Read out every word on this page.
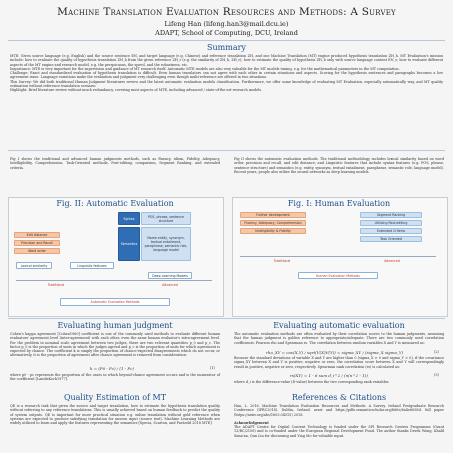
Machine Translation Evaluation Resources and Methods: A Survey
Lifeng Han (lifeng.han3@mail.dcu.ie)
ADAPT, School of Computing, DCU, Ireland
Summary
MTE: Given source language (e.g. English) and the source sentence EN, and target language (e.g. Chinese) and reference translation ZH, and one Machine Translation (MT) engine produced hypothesis translation ZH_h. MT Evaluation's mission include: how to evaluate the quality of hypothesis translation ZH_h from the given reference ZH_r (e.g. the similarity of ZH_h, ZH_r); how to estimate the quality of hypothesis ZH_h only with source language content EN_s; how to evaluate different aspects of the MT engine and research model, e.g. the perspicuous, the speed, and the robustness, etc.
Importance: MTE is very important for the supervision and guidance of MT research itself. Automatic MTE models are also very valuable for the MT models tuning, e.g. for the mathematical parameters in the MT computation.
Challenge: Exact and standardized evaluation of hypothesis translation is difficult. Even human translators can not agree with each other in certain situations and aspects. Scoring for the hypothesis sentences and paragraphs becomes a low agreement issue. Language variations make the evaluation and judgment very challenging even though multi-reference are offered in two situations.
This Survey: We did both traditional Human Judgment literatures review and the latest automatic evaluation models classification. Furthermore, we offer some knowledge of evaluating MT Evaluation, especially automatically way, and MT quality estimation without reference translation scenario.
Highlight: Brief literature review without much redundancy, covering most aspects of MTE, including advanced / state-of-the-art research models.
Fig I shows the traditional and advanced human judgments methods, such as fluency, idiom, Fidelity, Adequacy, Intelligibility, Comprehension, Task-Oriented methods, Post-editing, comparison, Segment Ranking, and extended criteria.
Fig II shows the automatic evaluation methods. The traditional methodology includes lexical similarity based on word order, precision and recall, and edit distance; and Linguistic features that include syntax features (e.g. POS, phrase, sentence structure) and semantics (e.g. entity, synonym, textual entailment, paraphrase, semantic role, language model). Recent years, people also utilize the neural networks as deep learning models.
Fig. II: Automatic Evaluation
Syntax	POS, phrase, sentence structure
Semantics
Name entity, synonym, textual entailment, paraphrase, semantic role, language model
Edit distance
Precision and Recall
Word order
Lexical similarity	Linguistic features
Deep Learning Models
Traditional	Advanced
Automatic Evaluation Methods
Fig. I: Human Evaluation
Further development
Fluency, Adequacy, Comprehension
Intelligibility & Fidelity
Segment Ranking
Utilizing Post-editing
Extended Criteria
Task Oriented
Traditional	Advanced
Human Evaluation Methods
Evaluating human judgment
Cohen's kappa agreement [Cohen1960] coefficient is one of the commonly used methods to evaluate different human evaluators' agreement level (inter-agreement) with each other, even the same human evaluator's intra-agreement level. For the problem in nominal scale agreement between two judges, there are two relevant quantities p_0 and p_c. The factor p_0 is the proportion of units in which the judges agreed and p_c is the proportion of units for which agreement is expected by chance. The coefficient k is simply the proportion of chance-expected disagreements which do not occur, or alternatively, it is the proportion of agreement after chance agreement is removed from consideration:
k = (P0 - Pc) / (1 - Pc)	(1)
where p0 - pc represents the proportion of the cases in which beyond-chance agreement occurs and is the numerator of the coefficient [LandisKoch1977].
Quality Estimation of MT
QE is a research task that given the source and target translation, how to estimate the hypothesis translation quality without referring to any reference translations. This is usually achieved based on human feedback to predict the quality of system outputs. QE is important for more practical situation e.g. online translation without gold reference when systems are expected to produce satisfying translation for unseen input (source text). Machine Learning Methods are widely utilized to learn and apply the features representing the semantics [Specia, Scarton, and Paetzold 2018 MTE].
Evaluating automatic evaluation
The automatic evaluation methods are often evaluated by their correlation scores to the human judgments, assuming that the human judgment is golden reference to appropriate/adequate. There are two commonly used correlation coefficients: Pearson rho and Spearman rs. The correlation between random variables X and Y is measured as:
rho_XY = cov(X,Y) / sqrt(V(X)V(Y)) = sigma_XY / (sigma_X sigma_Y)	(2)
Because the standard deviations of variable X and Y are higher than 0 (sigma_X > 0 and sigma_Y > 0), if the covariance sigma_XY between X and Y is positive, negative or zero, the correlation score between X and Y will correspondingly result in positive, negative or zero, respectively. Spearman rank correlation (rs) is calculated as:
rs(XY) = 1 - 6 sum d_i^2 / (n(n^2 - 1))	(3)
where d_i is the difference-value (D-value) between the two corresponding rank variables.
References & Citations
Han, L. 2016. Machine Translation Evaluation Resources and Methods: A Survey. Ireland Postgraduate Research Conference (IPRC2018). Dublin, Ireland. arxiv and https://pdfs.semanticscholar.org/b86e/6a4e6638d. full paper (https://arxiv.org/abs/1605.04515) 2018.
Acknowledgement
The ADAPT Centre for Digital Content Technology is funded under the SFI Research Centres Programme (Grant 13/RC/2106) and is co-funded under the European Regional Development Fund. The author thanks Derek Wong, Khalil Sima'an, Qun Liu for discussing and Ying Mo for valuable input.
